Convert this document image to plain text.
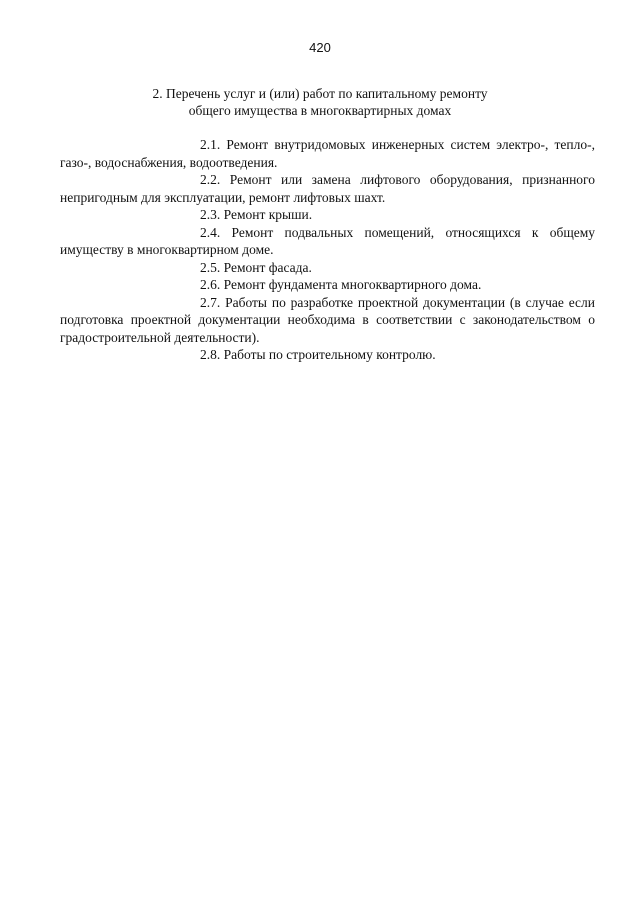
420
2. Перечень услуг и (или) работ по капитальному ремонту
общего имущества в многоквартирных домах

2.1. Ремонт внутридомовых инженерных систем электро-, тепло-, газо-, водоснабжения, водоотведения.

2.2. Ремонт или замена лифтового оборудования, признанного непригодным для эксплуатации, ремонт лифтовых шахт.

2.3. Ремонт крыши.

2.4. Ремонт подвальных помещений, относящихся к общему имуществу в многоквартирном доме.

2.5. Ремонт фасада.

2.6. Ремонт фундамента многоквартирного дома.

2.7. Работы по разработке проектной документации (в случае если подготовка проектной документации необходима в соответствии с законодательством о градостроительной деятельности).

2.8. Работы по строительному контролю.
